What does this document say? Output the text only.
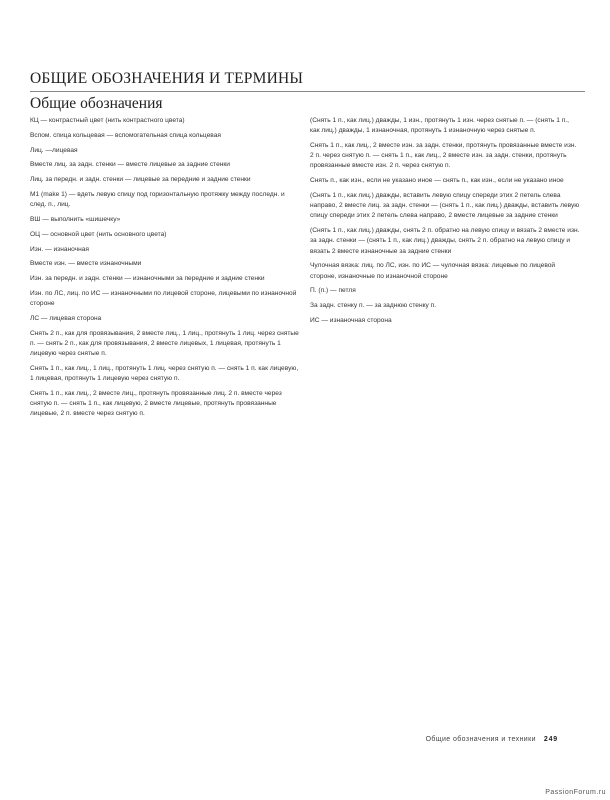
ОБЩИЕ ОБОЗНАЧЕНИЯ И ТЕРМИНЫ
Общие обозначения

КЦ — контрастный цвет (нить контрастного цвета)

Вспом. спица кольцевая — вспомогательная спица кольцевая

Лиц. —лицевая

Вместе лиц. за задн. стенки — вместе лицевые за задние стенки

Лиц. за передн. и задн. стенки — лицевые за передние и задние стенки

М1 (make 1) — вдеть левую спицу под горизонтальную протяжку между последн. и след. п., лиц.

ВШ — выполнить «шишечку»

ОЦ — основной цвет (нить основного цвета)

Изн. — изнаночная

Вместе изн. — вместе изнаночными

Изн. за передн. и задн. стенки — изнаночными за передние и задние стенки

Изн. по ЛС, лиц. по ИС — изнаночными по лицевой стороне, лицевыми по изнаночной стороне

ЛС — лицевая сторона

Снять 2 п., как для провязывания, 2 вместе лиц., 1 лиц., протянуть 1 лиц. через снятые п. — снять 2 п., как для провязывания, 2 вместе лицевых, 1 лицевая, протянуть 1 лицевую через снятые п.

Снять 1 п., как лиц., 1 лиц., протянуть 1 лиц. через снятую п. — снять 1 п. как лицевую, 1 лицевая, протянуть 1 лицевую через снятую п.

Снять 1 п., как лиц., 2 вместе лиц., протянуть провязанные лиц. 2 п. вместе через снятую п. — снять 1 п., как лицевую, 2 вместе лицевые, протянуть провязанные лицевые, 2 п. вместе через снятую п.

(Снять 1 п., как лиц.) дважды, 1 изн., протянуть 1 изн. через снятые п. — (снять 1 п., как лиц.) дважды, 1 изнаночная, протянуть 1 изнаночную через снятые п.

Снять 1 п., как лиц., 2 вместе изн. за задн. стенки, протянуть провязанные вместе изн. 2 п. через снятую п. — снять 1 п., как лиц., 2 вместе изн. за задн. стенки, протянуть провязанные вместе изн. 2 п. через снятую п.

Снять п., как изн., если не указано иное — снять п., как изн., если не указано иное

(Снять 1 п., как лиц.) дважды, вставить левую спицу спереди этих 2 петель слева направо, 2 вместе лиц. за задн. стенки — (снять 1 п., как лиц.) дважды, вставить левую спицу спереди этих 2 петель слева направо, 2 вместе лицевые за задние стенки

(Снять 1 п., как лиц.) дважды, снять 2 п. обратно на левую спицу и вязать 2 вместе изн. за задн. стенки — (снять 1 п., как лиц.) дважды, снять 2 п. обратно на левую спицу и вязать 2 вместе изнаночные за задние стенки

Чулочная вязка: лиц. по ЛС, изн. по ИС — чулочная вязка: лицевые по лицевой стороне, изнаночные по изнаночной стороне

П. (п.) — петля

За задн. стенку п. — за заднюю стенку п.

ИС — изнаночная сторона

Общие обозначения и техники 249
PassionForum.ru
